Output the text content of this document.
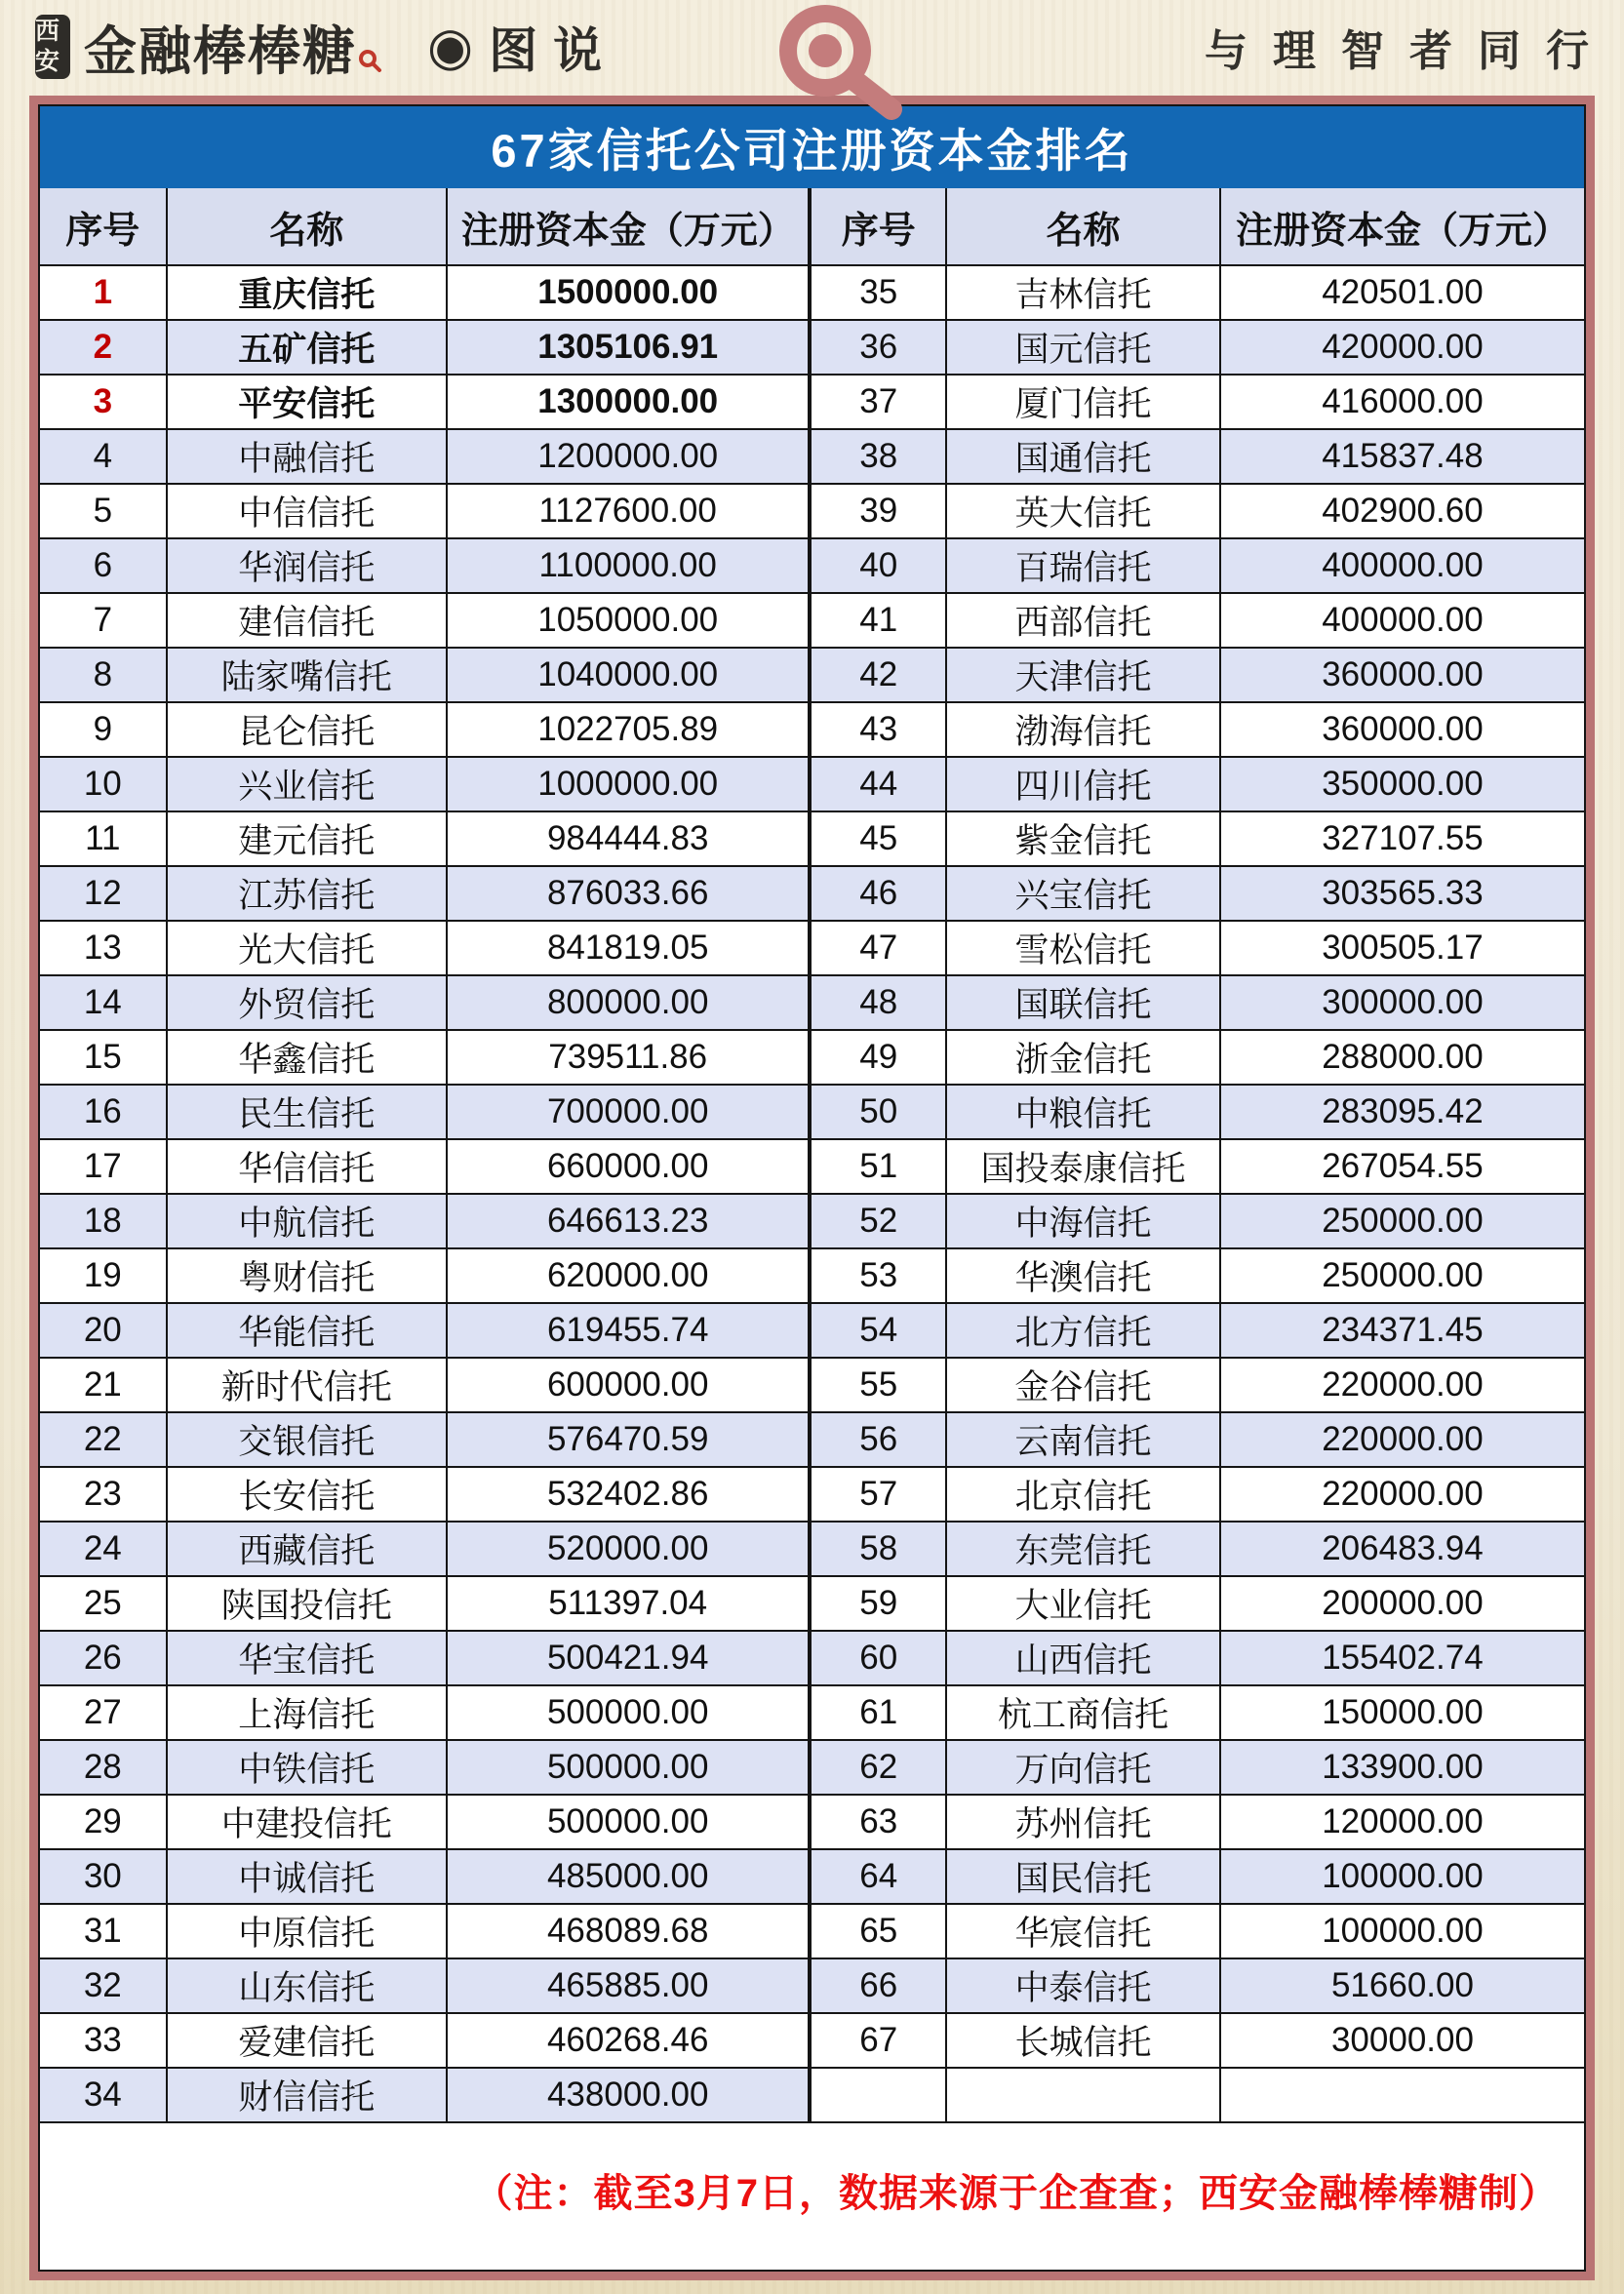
西安 金融棒棒糖 ◉ 图说	与理智者同行
67家信托公司注册资本金排名
序号	名称	注册资本金（万元）	序号	名称	注册资本金（万元）
1	重庆信托	1500000.00	35	吉林信托	420501.00
2	五矿信托	1305106.91	36	国元信托	420000.00
3	平安信托	1300000.00	37	厦门信托	416000.00
4	中融信托	1200000.00	38	国通信托	415837.48
5	中信信托	1127600.00	39	英大信托	402900.60
6	华润信托	1100000.00	40	百瑞信托	400000.00
7	建信信托	1050000.00	41	西部信托	400000.00
8	陆家嘴信托	1040000.00	42	天津信托	360000.00
9	昆仑信托	1022705.89	43	渤海信托	360000.00
10	兴业信托	1000000.00	44	四川信托	350000.00
11	建元信托	984444.83	45	紫金信托	327107.55
12	江苏信托	876033.66	46	兴宝信托	303565.33
13	光大信托	841819.05	47	雪松信托	300505.17
14	外贸信托	800000.00	48	国联信托	300000.00
15	华鑫信托	739511.86	49	浙金信托	288000.00
16	民生信托	700000.00	50	中粮信托	283095.42
17	华信信托	660000.00	51	国投泰康信托	267054.55
18	中航信托	646613.23	52	中海信托	250000.00
19	粤财信托	620000.00	53	华澳信托	250000.00
20	华能信托	619455.74	54	北方信托	234371.45
21	新时代信托	600000.00	55	金谷信托	220000.00
22	交银信托	576470.59	56	云南信托	220000.00
23	长安信托	532402.86	57	北京信托	220000.00
24	西藏信托	520000.00	58	东莞信托	206483.94
25	陕国投信托	511397.04	59	大业信托	200000.00
26	华宝信托	500421.94	60	山西信托	155402.74
27	上海信托	500000.00	61	杭工商信托	150000.00
28	中铁信托	500000.00	62	万向信托	133900.00
29	中建投信托	500000.00	63	苏州信托	120000.00
30	中诚信托	485000.00	64	国民信托	100000.00
31	中原信托	468089.68	65	华宸信托	100000.00
32	山东信托	465885.00	66	中泰信托	51660.00
33	爱建信托	460268.46	67	长城信托	30000.00
34	财信信托	438000.00
（注：截至3月7日，数据来源于企查查；西安金融棒棒糖制）
